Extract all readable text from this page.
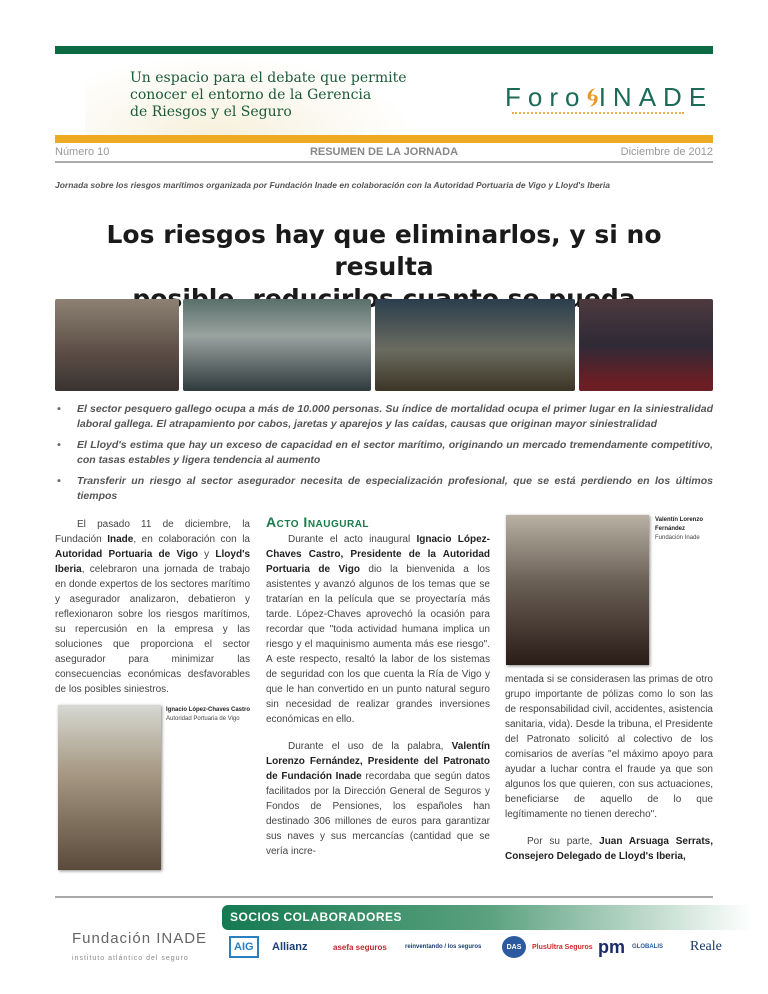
Un espacio para el debate que permite
conocer el entorno de la Gerencia
de Riesgos y el Seguro	Foro🌀︎INADE
Número 10	RESUMEN DE LA JORNADA	Diciembre de 2012
Jornada sobre los riesgos marítimos organizada por Fundación Inade en colaboración con la Autoridad Portuaria de Vigo y Lloyd's Iberia
Los riesgos hay que eliminarlos, y si no resulta
• El sector pesquero gallego ocupa a más de 10.000 personas. Su índice de mortalidad ocupa el primer lugar en la siniestralidad laboral gallega. El atrapamiento por cabos, jaretas y aparejos y las caídas, causas que originan mayor siniestralidad
• El Lloyd's estima que hay un exceso de capacidad en el sector marítimo, originando un mercado tremendamente competitivo, con tasas estables y ligera tendencia al aumento
• Transferir un riesgo al sector asegurador necesita de especialización profesional, que se está perdiendo en los últimos tiempos

El pasado 11 de diciembre, la Fundación Inade, en colaboración con la Autoridad Portuaria de Vigo y Lloyd's Iberia, celebraron una jornada de trabajo en donde expertos de los sectores marítimo y asegurador analizaron, debatieron y reflexionaron sobre los riesgos marítimos, su repercusión en la empresa y las soluciones que proporciona el sector asegurador para minimizar las consecuencias económicas desfavorables de los posibles siniestros.

Ignacio López-Chaves Castro
Autoridad Portuaria de Vigo
Acto Inaugural

Durante el acto inaugural Ignacio López-Chaves Castro, Presidente de la Autoridad Portuaria de Vigo dio la bienvenida a los asistentes y avanzó algunos de los temas que se tratarían en la película que se proyectaría más tarde. López-Chaves aprovechó la ocasión para recordar que "toda actividad humana implica un riesgo y el maquinismo aumenta más ese riesgo". A este respecto, resaltó la labor de los sistemas de seguridad con los que cuenta la Ría de Vigo y que le han convertido en un punto natural seguro sin necesidad de realizar grandes inversiones económicas en ello.

Durante el uso de la palabra, Valentín Lorenzo Fernández, Presidente del Patronato de Fundación Inade recordaba que según datos facilitados por la Dirección General de Seguros y Fondos de Pensiones, los españoles han destinado 306 millones de euros para garantizar sus naves y sus mercancías (cantidad que se vería incre-

Valentín Lorenzo Fernández
Fundación Inade

mentada si se considerasen las primas de otro grupo importante de pólizas como lo son las de responsabilidad civil, accidentes, asistencia sanitaria, vida). Desde la tribuna, el Presidente del Patronato solicitó al colectivo de los comisarios de averías "el máximo apoyo para ayudar a luchar contra el fraude ya que son algunos los que quieren, con sus actuaciones, beneficiarse de aquello de lo que legítimamente no tienen derecho".

Por su parte, Juan Arsuaga Serrats, Consejero Delegado de Lloyd's Iberia,

Fundación INADE
instituto atlántico del seguro
SOCIOS COLABORADORES
AIG	Allianz	asefa seguros	reinventando / los seguros	DAS	PlusUltra Seguros pm GLOBALIS Reale
